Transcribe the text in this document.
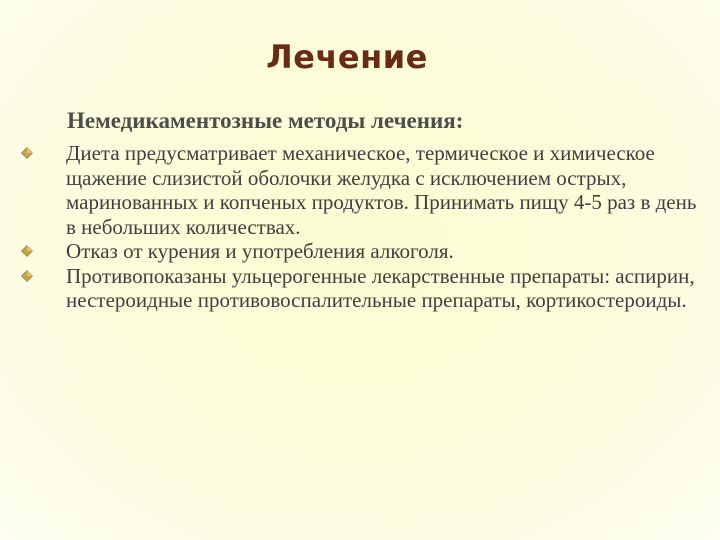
Лечение
Немедикаментозные методы лечения:
Диета предусматривает механическое, термическое и химическое щажение слизистой оболочки желудка с исключением острых, маринованных и копченых продуктов. Принимать пищу 4-5 раз в день в небольших количествах.
Отказ от курения и употребления алкоголя.
Противопоказаны ульцерогенные лекарственные препараты: аспирин, нестероидные противовоспалительные препараты, кортикостероиды.
